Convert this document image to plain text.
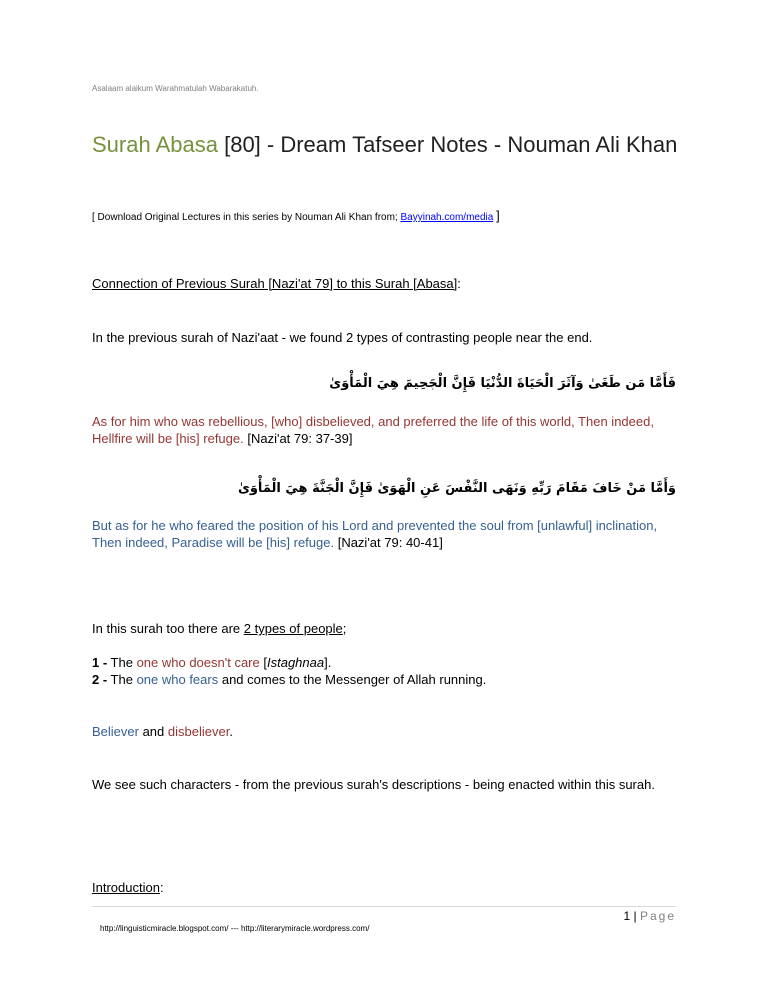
Asalaam alaikum Warahmatulah Wabarakatuh.
Surah Abasa [80] - Dream Tafseer Notes - Nouman Ali Khan
[ Download Original Lectures in this series by Nouman Ali Khan from; Bayyinah.com/media ]
Connection of Previous Surah [Nazi'at 79] to this Surah [Abasa]:
In the previous surah of Nazi'aat - we found 2 types of contrasting people near the end.
فَأَمَّا مَن طَغَىٰ وَآثَرَ الْحَيَاةَ الدُّنْيَا فَإِنَّ الْجَحِيمَ هِيَ الْمَأْوَىٰ
As for him who was rebellious, [who] disbelieved, and preferred the life of this world, Then indeed, Hellfire will be [his] refuge. [Nazi'at 79: 37-39]
وَأَمَّا مَنْ خَافَ مَقَامَ رَبِّهِ وَنَهَى النَّفْسَ عَنِ الْهَوَىٰ فَإِنَّ الْجَنَّةَ هِيَ الْمَأْوَىٰ
But as for he who feared the position of his Lord and prevented the soul from [unlawful] inclination, Then indeed, Paradise will be [his] refuge. [Nazi'at 79: 40-41]
In this surah too there are 2 types of people;
1 - The one who doesn't care [Istaghnaa].
2 - The one who fears and comes to the Messenger of Allah running.
Believer and disbeliever.
We see such characters - from the previous surah's descriptions - being enacted within this surah.
Introduction:
1 | Page
http://linguisticmiracle.blogspot.com/ --- http://literarymiracle.wordpress.com/
